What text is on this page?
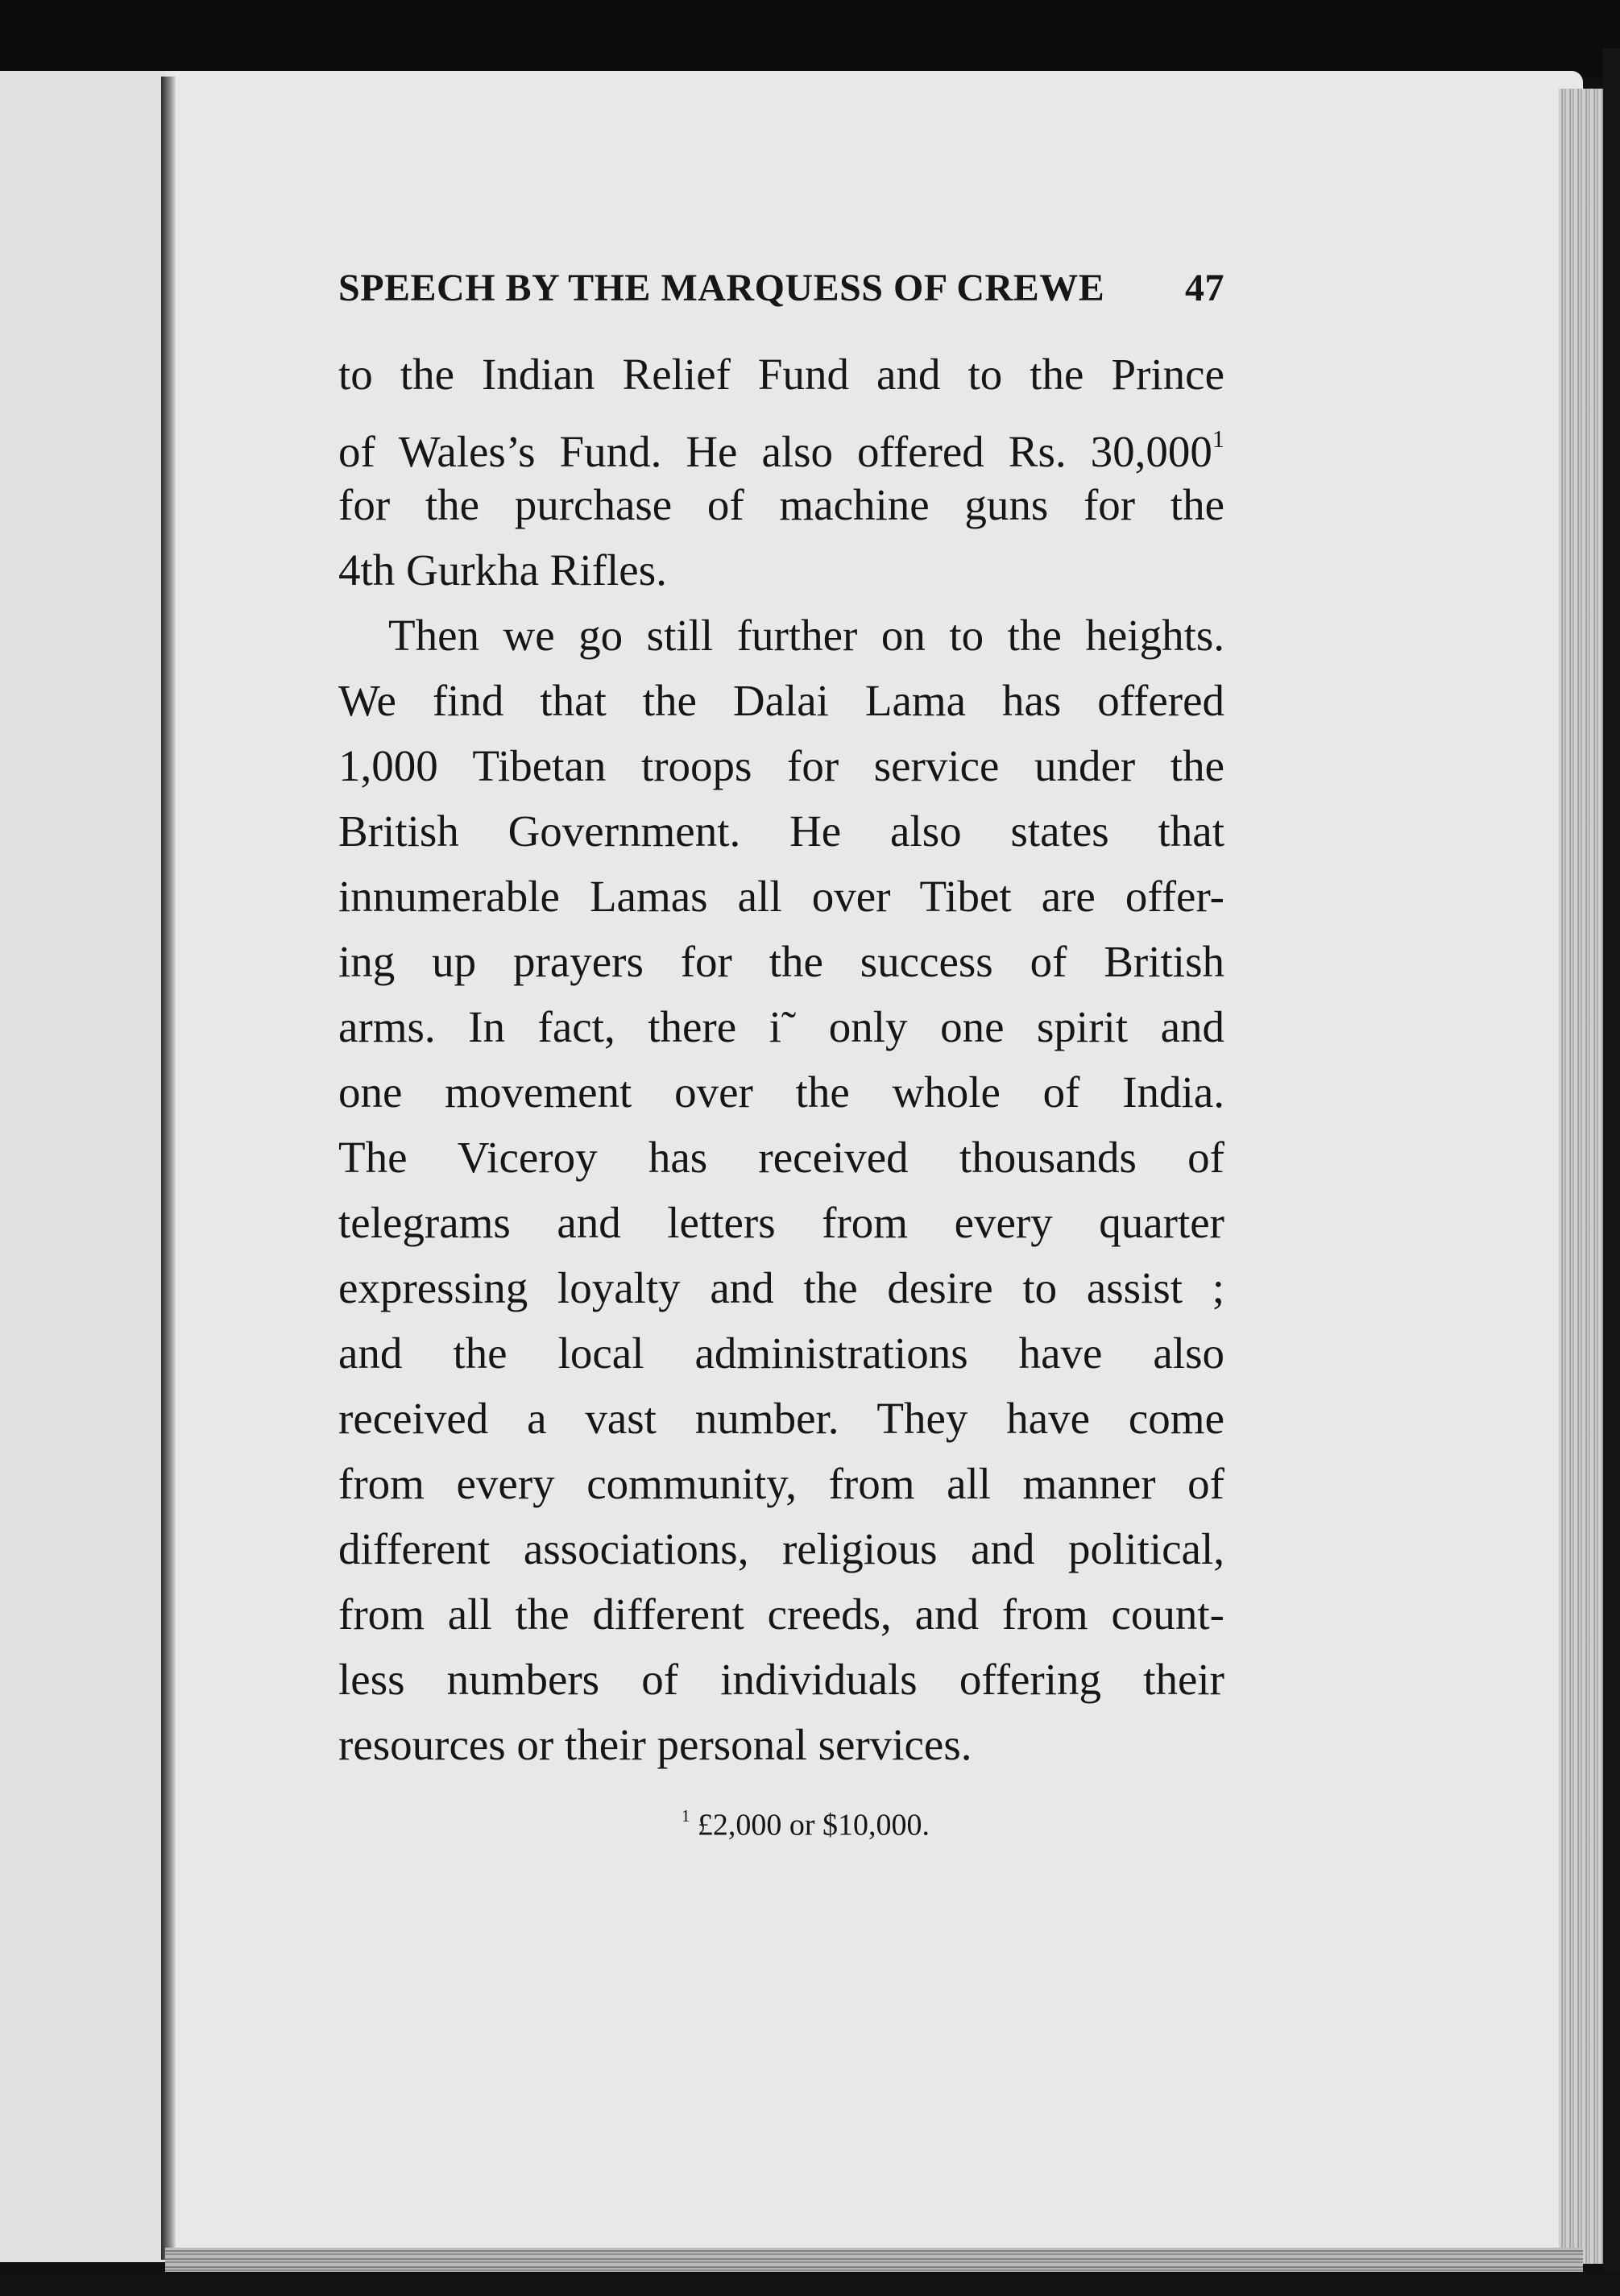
SPEECH BY THE MARQUESS OF CREWE 47
to the Indian Relief Fund and to the Prince
of Wales’s Fund. He also offered Rs. 30,000$^1$
for the purchase of machine guns for the
4th Gurkha Rifles.
Then we go still further on to the heights.
We find that the Dalai Lama has offered
1,000 Tibetan troops for service under the
British Government. He also states that
innumerable Lamas all over Tibet are offer-
ing up prayers for the success of British
arms. In fact, there i˜ only one spirit and
one movement over the whole of India.
The Viceroy has received thousands of
telegrams and letters from every quarter
expressing loyalty and the desire to assist ;
and the local administrations have also
received a vast number. They have come
from every community, from all manner of
different associations, religious and political,
from all the different creeds, and from count-
less numbers of individuals offering their
resources or their personal services.
$^1$ £2,000 or $10,000.
